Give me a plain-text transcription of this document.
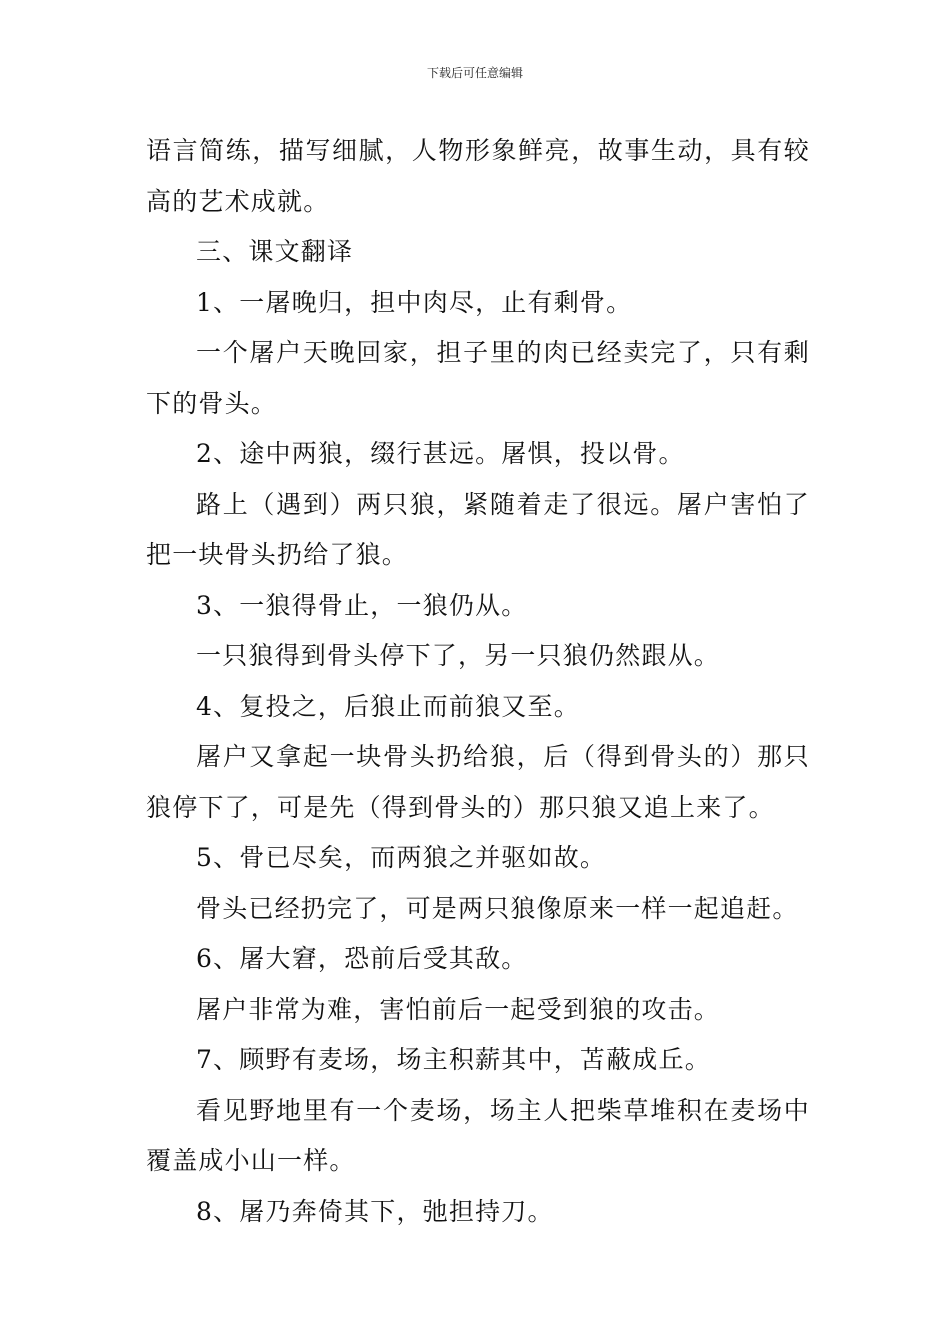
下载后可任意编辑

语言简练，描写细腻，人物形象鲜亮，故事生动，具有较高的艺术成就。

三、课文翻译

1、一屠晚归，担中肉尽，止有剩骨。

一个屠户天晚回家，担子里的肉已经卖完了，只有剩下的骨头。

2、途中两狼，缀行甚远。屠惧，投以骨。

路上（遇到）两只狼，紧随着走了很远。屠户害怕了把一块骨头扔给了狼。

3、一狼得骨止，一狼仍从。

一只狼得到骨头停下了，另一只狼仍然跟从。

4、复投之，后狼止而前狼又至。

屠户又拿起一块骨头扔给狼，后（得到骨头的）那只狼停下了，可是先（得到骨头的）那只狼又追上来了。

5、骨已尽矣，而两狼之并驱如故。

骨头已经扔完了，可是两只狼像原来一样一起追赶。

6、屠大窘，恐前后受其敌。

屠户非常为难，害怕前后一起受到狼的攻击。

7、顾野有麦场，场主积薪其中，苫蔽成丘。

看见野地里有一个麦场，场主人把柴草堆积在麦场中覆盖成小山一样。

8、屠乃奔倚其下，弛担持刀。
